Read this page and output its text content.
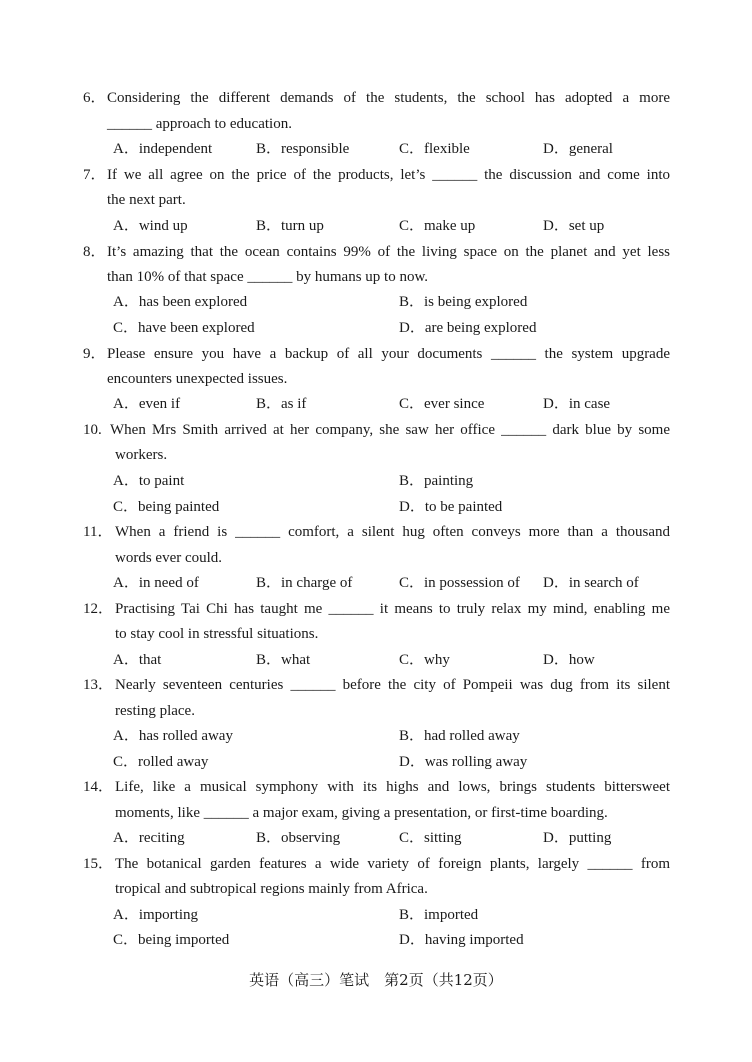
6． Considering the different demands of the students, the school has adopted a more
______ approach to education.
A．independent	B．responsible	C．flexible	D．general
7． If we all agree on the price of the products, let’s ______ the discussion and come into
the next part.
A．wind up	B．turn up	C．make up	D．set up
8． It’s amazing that the ocean contains 99% of the living space on the planet and yet less
than 10% of that space ______ by humans up to now.
A．has been explored	B．is being explored
C．have been explored	D．are being explored
9． Please ensure you have a backup of all your documents ______ the system upgrade
encounters unexpected issues.
A．even if	B．as if	C．ever since	D．in case
10. When Mrs Smith arrived at her company, she saw her office ______ dark blue by some
workers.
A．to paint	B．painting
C．being painted	D．to be painted
11． When a friend is ______ comfort, a silent hug often conveys more than a thousand
words ever could.
A．in need of	B．in charge of	C．in possession of D．in search of
12． Practising Tai Chi has taught me ______ it means to truly relax my mind, enabling me
to stay cool in stressful situations.
A．that	B．what	C．why	D．how
13． Nearly seventeen centuries ______ before the city of Pompeii was dug from its silent
resting place.
A．has rolled away	B．had rolled away
C．rolled away	D．was rolling away
14． Life, like a musical symphony with its highs and lows, brings students bittersweet
moments, like ______ a major exam, giving a presentation, or first-time boarding.
A．reciting	B．observing	C．sitting	D．putting
15． The botanical garden features a wide variety of foreign plants, largely ______ from
tropical and subtropical regions mainly from Africa.
A．importing	B．imported
C．being imported	D．having imported
英语（高三）笔试　第2页（共12页）
